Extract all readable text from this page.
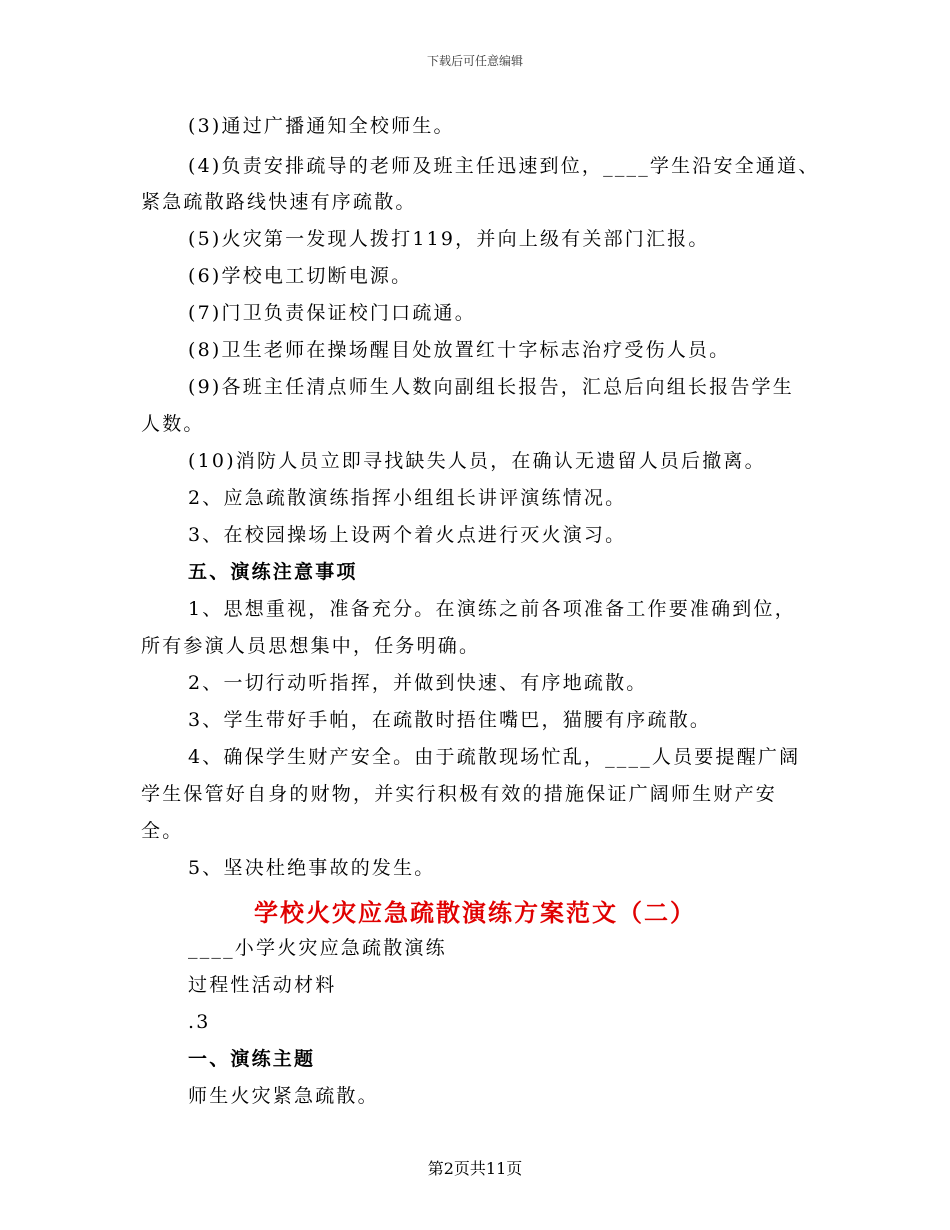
下载后可任意编辑
(3)通过广播通知全校师生。
(4)负责安排疏导的老师及班主任迅速到位，____学生沿安全通道、
紧急疏散路线快速有序疏散。
(5)火灾第一发现人拨打119，并向上级有关部门汇报。
(6)学校电工切断电源。
(7)门卫负责保证校门口疏通。
(8)卫生老师在操场醒目处放置红十字标志治疗受伤人员。
(9)各班主任清点师生人数向副组长报告，汇总后向组长报告学生
人数。
(10)消防人员立即寻找缺失人员，在确认无遗留人员后撤离。
2、应急疏散演练指挥小组组长讲评演练情况。
3、在校园操场上设两个着火点进行灭火演习。
五、演练注意事项
1、思想重视，准备充分。在演练之前各项准备工作要准确到位，
所有参演人员思想集中，任务明确。
2、一切行动听指挥，并做到快速、有序地疏散。
3、学生带好手帕，在疏散时捂住嘴巴，猫腰有序疏散。
4、确保学生财产安全。由于疏散现场忙乱，____人员要提醒广阔
学生保管好自身的财物，并实行积极有效的措施保证广阔师生财产安
全。
5、坚决杜绝事故的发生。
学校火灾应急疏散演练方案范文（二）
____小学火灾应急疏散演练
过程性活动材料
.3
一、演练主题
师生火灾紧急疏散。
第2页共11页
